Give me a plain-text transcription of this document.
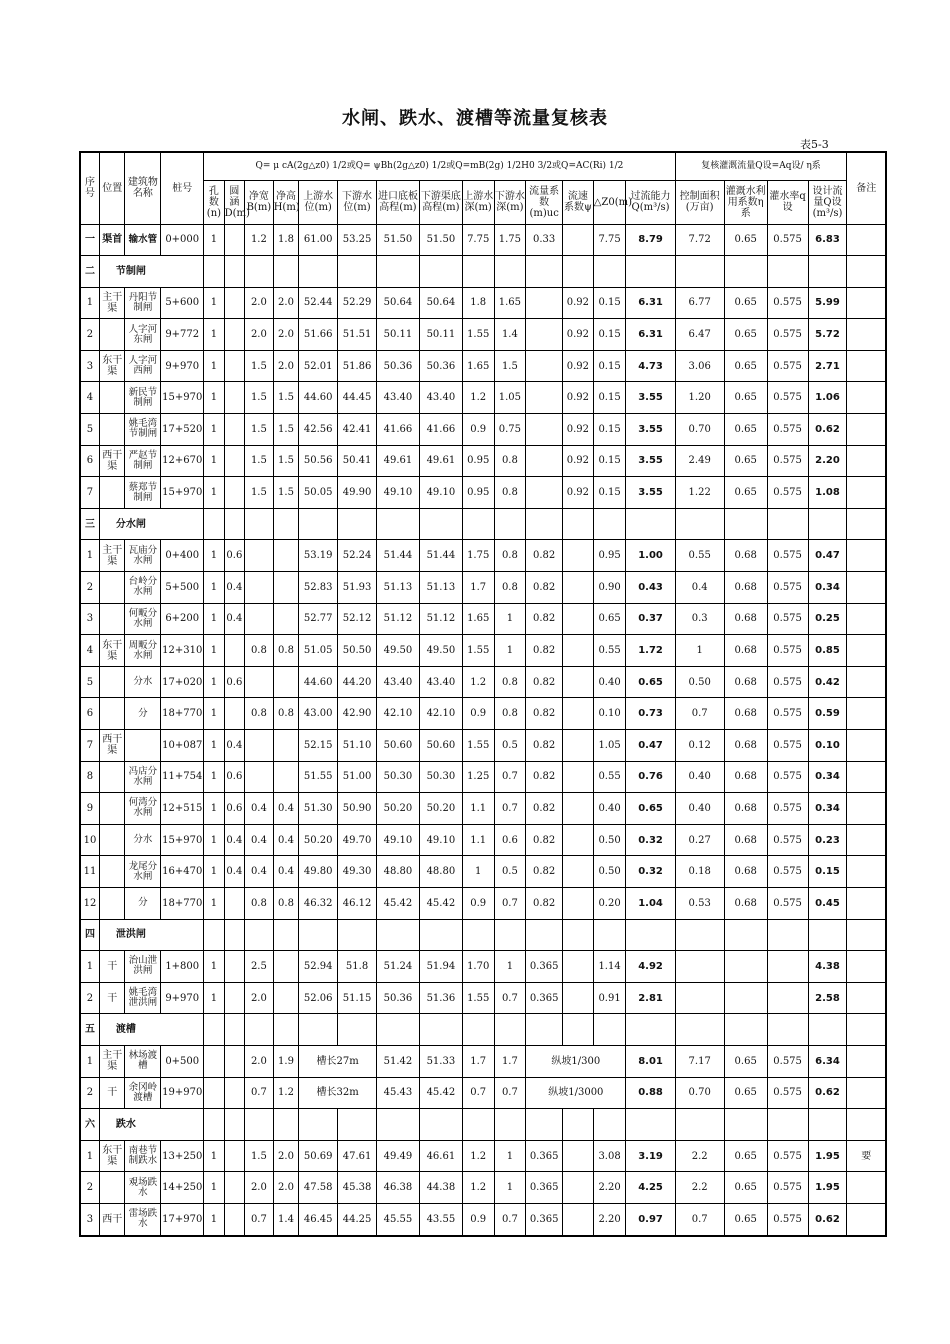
水闸、跌水、渡槽等流量复核表
表5-3
序号	位置	建筑物名称	桩号	Q= μ cA(2g△z0) 1/2或Q= ψBh(2g△z0) 1/2或Q=mB(2g) 1/2H0 3/2或Q=AC(Ri) 1/2														复核灌溉流量Q设=Aq设/ η系				备注
				孔数(n)	圆涵D(m)	净宽B(m)	净高H(m)	上游水位(m)	下游水位(m)	进口底板高程(m)	下游渠底高程(m)	上游水深(m)	下游水深(m)	流量系数(m)uc	流速系数ψ	△Z0(m)	过流能力Q(m³/s)	控制面积(万亩)	灌溉水利用系数η系	灌水率q设	设计流量Q设(m³/s)	
一	渠首	输水管	0+000	1		1.2	1.8	61.00	53.25	51.50	51.50	7.75	1.75	0.33		7.75	8.79	7.72	0.65	0.575	6.83	
二	节制闸																					
1	主干渠	丹阳节制闸	5+600	1		2.0	2.0	52.44	52.29	50.64	50.64	1.8	1.65		0.92	0.15	6.31	6.77	0.65	0.575	5.99	
2		人字河东闸	9+772	1		2.0	2.0	51.66	51.51	50.11	50.11	1.55	1.4		0.92	0.15	6.31	6.47	0.65	0.575	5.72	
3	东干渠	人字河西闸	9+970	1		1.5	2.0	52.01	51.86	50.36	50.36	1.65	1.5		0.92	0.15	4.73	3.06	0.65	0.575	2.71	
4		新民节制闸	15+970	1		1.5	1.5	44.60	44.45	43.40	43.40	1.2	1.05		0.92	0.15	3.55	1.20	0.65	0.575	1.06	
5		姚毛湾节制闸	17+520	1		1.5	1.5	42.56	42.41	41.66	41.66	0.9	0.75		0.92	0.15	3.55	0.70	0.65	0.575	0.62	
6	西干渠	严赵节制闸	12+670	1		1.5	1.5	50.56	50.41	49.61	49.61	0.95	0.8		0.92	0.15	3.55	2.49	0.65	0.575	2.20	
7		蔡郑节制闸	15+970	1		1.5	1.5	50.05	49.90	49.10	49.10	0.95	0.8		0.92	0.15	3.55	1.22	0.65	0.575	1.08	
三	分水闸																					
1	主干渠	瓦庙分水闸	0+400	1	0.6			53.19	52.24	51.44	51.44	1.75	0.8	0.82		0.95	1.00	0.55	0.68	0.575	0.47	
2		台岭分水闸	5+500	1	0.4			52.83	51.93	51.13	51.13	1.7	0.8	0.82		0.90	0.43	0.4	0.68	0.575	0.34	
3		何畈分水闸	6+200	1	0.4			52.77	52.12	51.12	51.12	1.65	1	0.82		0.65	0.37	0.3	0.68	0.575	0.25	
4	东干渠	周畈分水闸	12+310	1		0.8	0.8	51.05	50.50	49.50	49.50	1.55	1	0.82		0.55	1.72	1	0.68	0.575	0.85	
5		分水	17+020	1	0.6			44.60	44.20	43.40	43.40	1.2	0.8	0.82		0.40	0.65	0.50	0.68	0.575	0.42	
6		分	18+770	1		0.8	0.8	43.00	42.90	42.10	42.10	0.9	0.8	0.82		0.10	0.73	0.7	0.68	0.575	0.59	
7	西干渠		10+087	1	0.4			52.15	51.10	50.60	50.60	1.55	0.5	0.82		1.05	0.47	0.12	0.68	0.575	0.10	
8		冯店分水闸	11+754	1	0.6			51.55	51.00	50.30	50.30	1.25	0.7	0.82		0.55	0.76	0.40	0.68	0.575	0.34	
9		何湾分水闸	12+515	1	0.6	0.4	0.4	51.30	50.90	50.20	50.20	1.1	0.7	0.82		0.40	0.65	0.40	0.68	0.575	0.34	
10		分水	15+970	1	0.4	0.4	0.4	50.20	49.70	49.10	49.10	1.1	0.6	0.82		0.50	0.32	0.27	0.68	0.575	0.23	
11		龙尾分水闸	16+470	1	0.4	0.4	0.4	49.80	49.30	48.80	48.80	1	0.5	0.82		0.50	0.32	0.18	0.68	0.575	0.15	
12		分	18+770	1		0.8	0.8	46.32	46.12	45.42	45.42	0.9	0.7	0.82		0.20	1.04	0.53	0.68	0.575	0.45	
四	泄洪闸																					
1	干	治山泄洪闸	1+800	1		2.5		52.94	51.8	51.24	51.94	1.70	1	0.365		1.14	4.92				4.38	
2	干	姚毛湾泄洪闸	9+970	1		2.0		52.06	51.15	50.36	51.36	1.55	0.7	0.365		0.91	2.81				2.58	
五	渡槽																					
1	主干渠	林场渡槽	0+500			2.0	1.9	槽长27m		51.42	51.33	1.7	1.7	纵坡1/300			8.01	7.17	0.65	0.575	6.34	
2	干	余冈岭渡槽	19+970			0.7	1.2	槽长32m		45.43	45.42	0.7	0.7	纵坡1/3000			0.88	0.70	0.65	0.575	0.62	
六	跌水																					
1	东干渠	南巷节制跌水	13+250	1		1.5	2.0	50.69	47.61	49.49	46.61	1.2	1	0.365		3.08	3.19	2.2	0.65	0.575	1.95	要
2		覌场跌水	14+250	1		2.0	2.0	47.58	45.38	46.38	44.38	1.2	1	0.365		2.20	4.25	2.2	0.65	0.575	1.95	
3	西干	雷场跌水	17+970	1		0.7	1.4	46.45	44.25	45.55	43.55	0.9	0.7	0.365		2.20	0.97	0.7	0.65	0.575	0.62	
